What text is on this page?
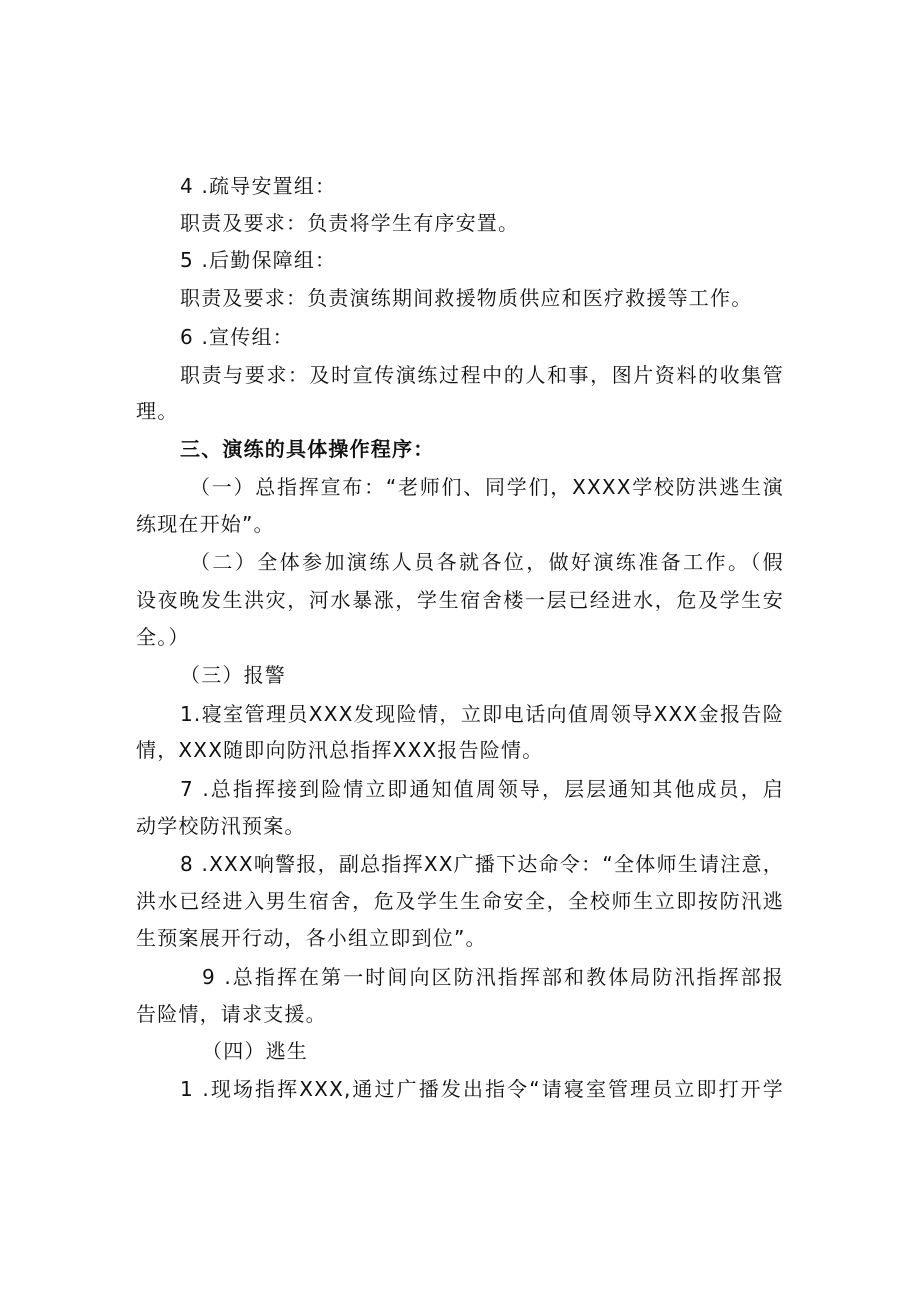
4 .疏导安置组：
职责及要求：负责将学生有序安置。
5 .后勤保障组：
职责及要求：负责演练期间救援物质供应和医疗救援等工作。
6 .宣传组：
职责与要求：及时宣传演练过程中的人和事，图片资料的收集管
理。
三、演练的具体操作程序：
（一）总指挥宣布：“老师们、同学们，XXXX学校防洪逃生演
练现在开始”。
（二）全体参加演练人员各就各位，做好演练准备工作。（假
设夜晚发生洪灾，河水暴涨，学生宿舍楼一层已经进水，危及学生安
全。）
（三）报警
1.寝室管理员XXX发现险情，立即电话向值周领导XXX金报告险
情，XXX随即向防汛总指挥XXX报告险情。
7 .总指挥接到险情立即通知值周领导，层层通知其他成员，启
动学校防汛预案。
8 .XXX响警报，副总指挥XX广播下达命令：“全体师生请注意，
洪水已经进入男生宿舍，危及学生生命安全，全校师生立即按防汛逃
生预案展开行动，各小组立即到位”。
9 .总指挥在第一时间向区防汛指挥部和教体局防汛指挥部报
告险情，请求支援。
（四）逃生
1 .现场指挥XXX,通过广播发出指令“请寝室管理员立即打开学
